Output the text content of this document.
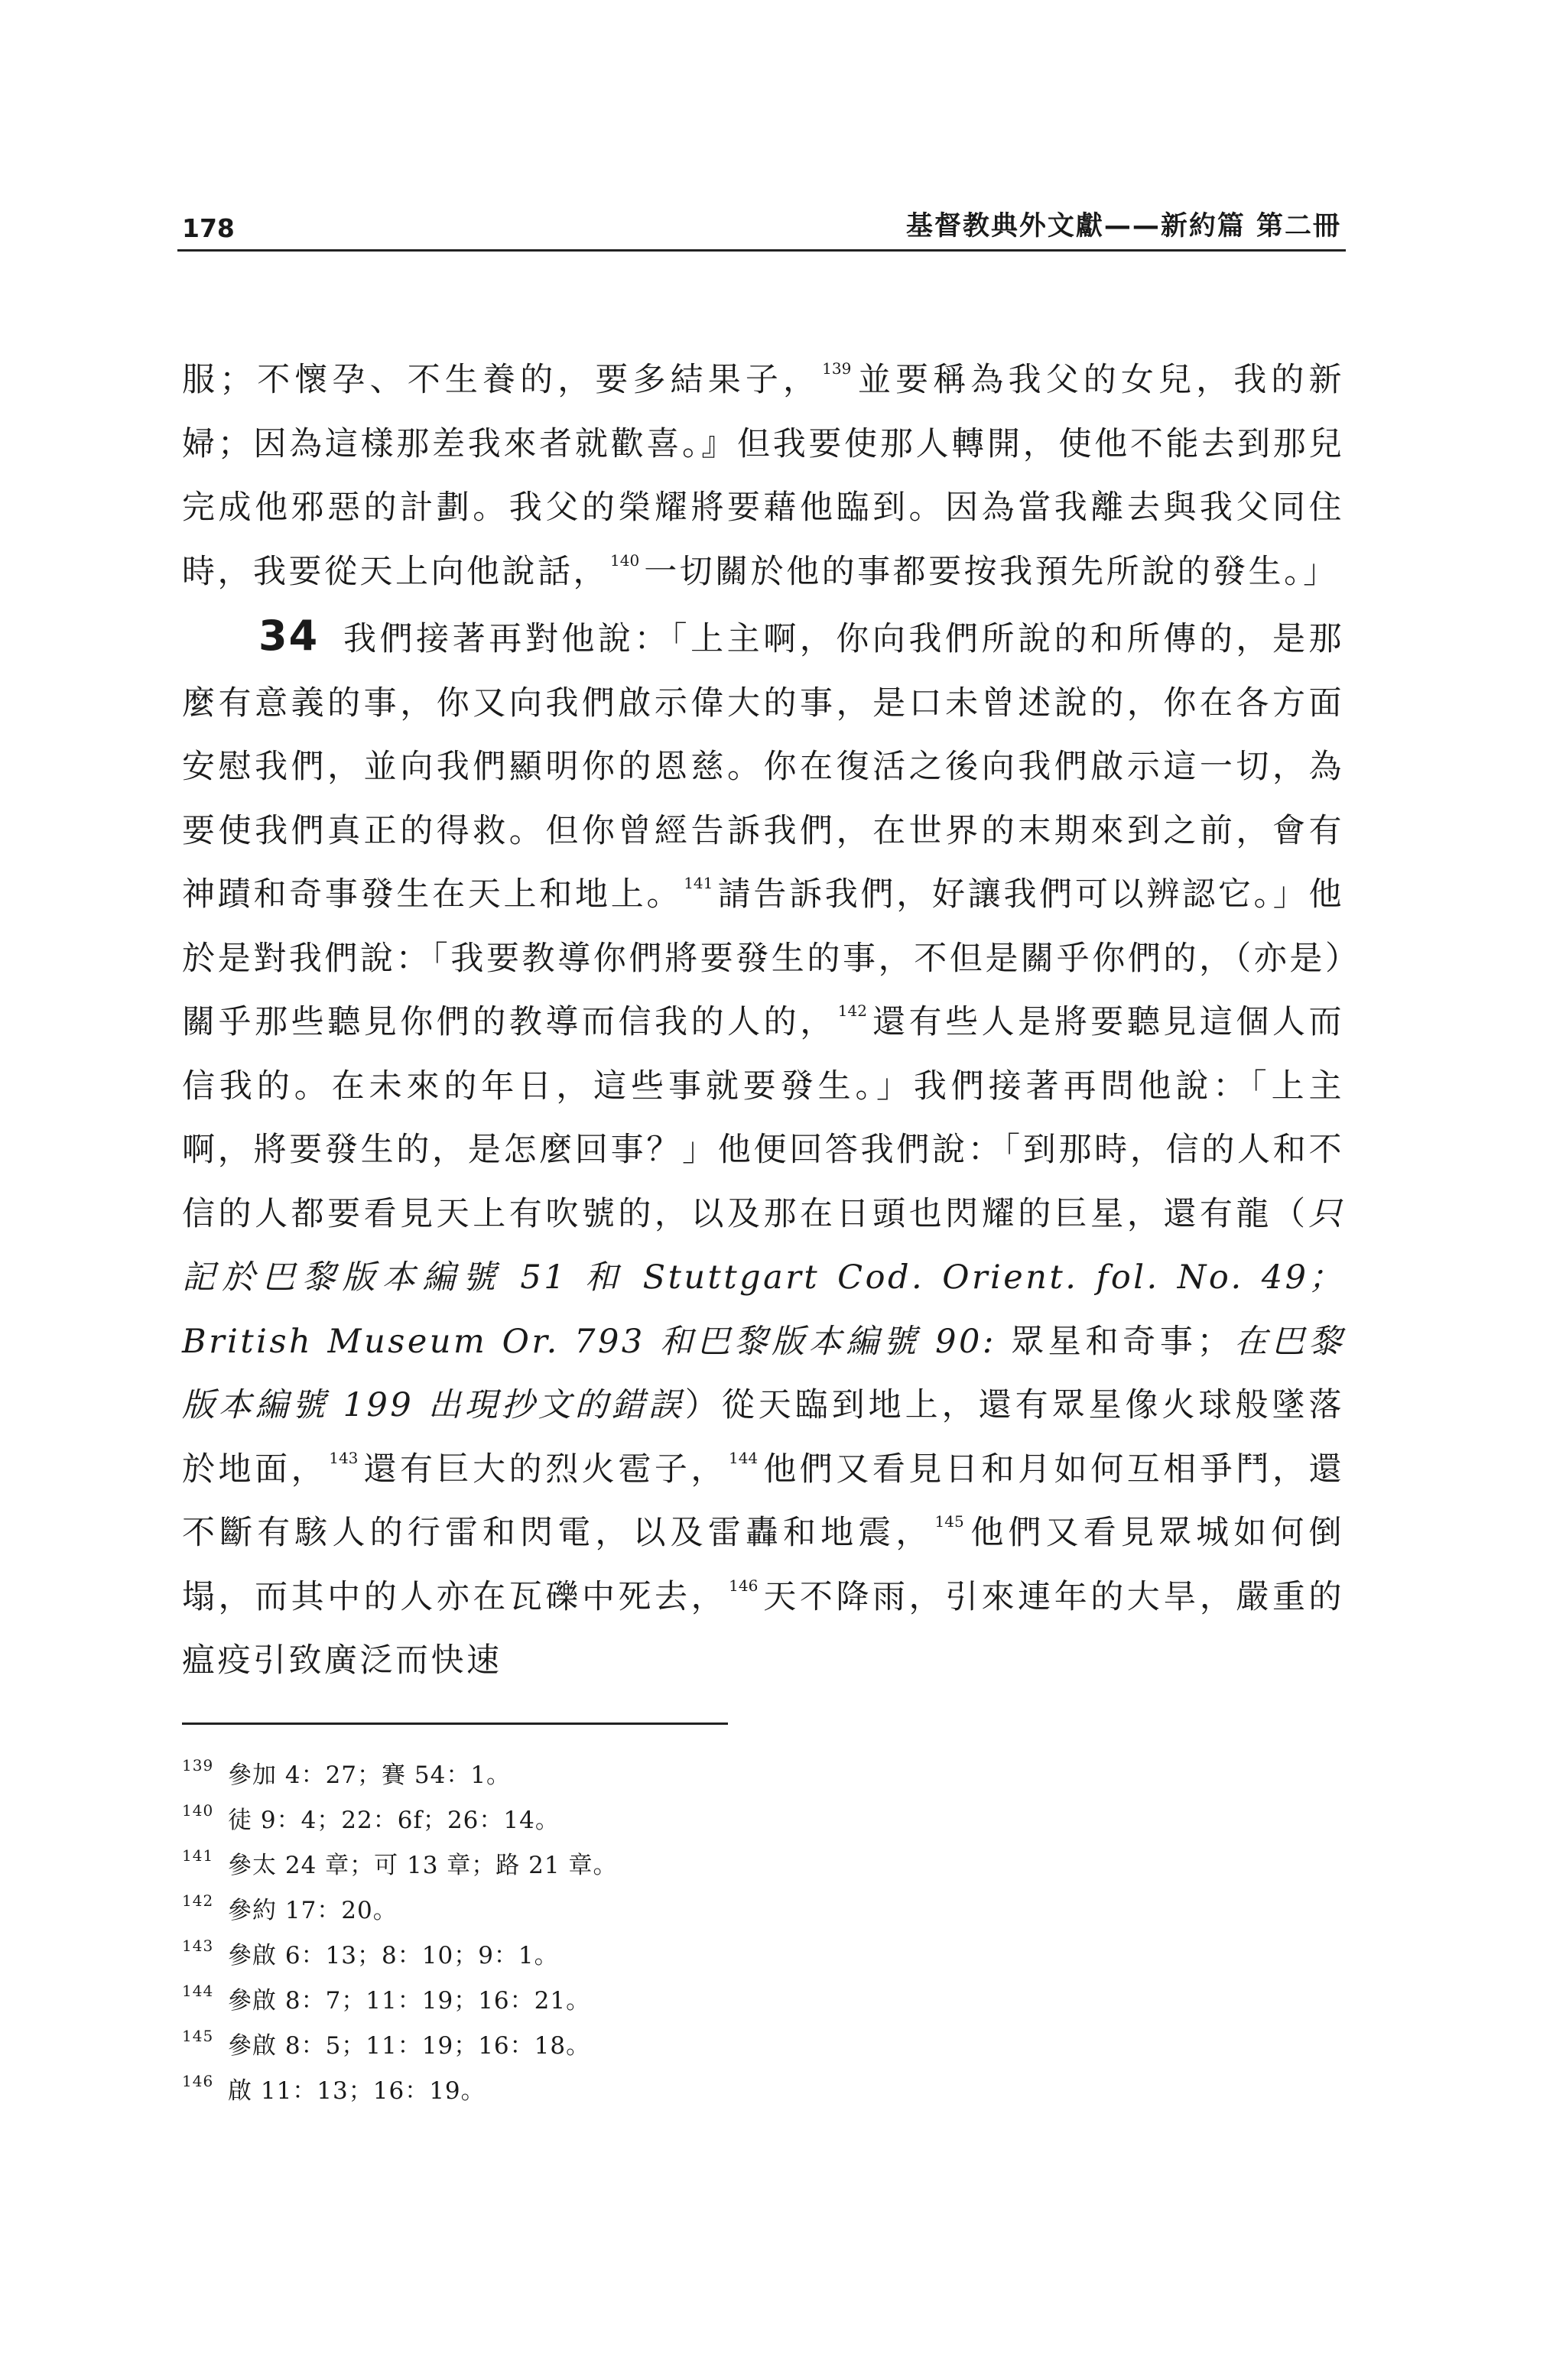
178	基督教典外文獻——新約篇 第二冊

服；不懷孕、不生養的，要多結果子， $^{139}$ 並要稱為我父的女兒，我的新婦；因為這樣那差我來者就歡喜。』但我要使那人轉開，使他不能去到那兒完成他邪惡的計劃。我父的榮耀將要藉他臨到。因為當我離去與我父同住時，我要從天上向他說話， $^{140}$ 一切關於他的事都要按我預先所說的發生。」

34 我們接著再對他說：「上主啊，你向我們所說的和所傳的，是那麼有意義的事，你又向我們啟示偉大的事，是口未曾述說的，你在各方面安慰我們，並向我們顯明你的恩慈。你在復活之後向我們啟示這一切，為要使我們真正的得救。但你曾經告訴我們，在世界的末期來到之前，會有神蹟和奇事發生在天上和地上。 $^{141}$ 請告訴我們，好讓我們可以辨認它。」他於是對我們說：「我要教導你們將要發生的事，不但是關乎你們的，（亦是）關乎那些聽見你們的教導而信我的人的， $^{142}$ 還有些人是將要聽見這個人而信我的。在未來的年日，這些事就要發生。」我們接著再問他說：「上主啊，將要發生的，是怎麼回事？」他便回答我們說：「到那時，信的人和不信的人都要看見天上有吹號的，以及那在日頭也閃耀的巨星，還有龍（只記於巴黎版本編號 51 和 Stuttgart Cod. Orient. fol. No. 49；British Museum Or. 793 和巴黎版本編號 90: 眾星和奇事；在巴黎版本編號 199 出現抄文的錯誤）從天臨到地上，還有眾星像火球般墜落於地面， $^{143}$ 還有巨大的烈火雹子， $^{144}$ 他們又看見日和月如何互相爭鬥，還不斷有駭人的行雷和閃電，以及雷轟和地震， $^{145}$ 他們又看見眾城如何倒塌，而其中的人亦在瓦礫中死去， $^{146}$ 天不降雨，引來連年的大旱，嚴重的瘟疫引致廣泛而快速

139 參加 4：27；賽 54：1。
140 徒 9：4；22：6f；26：14。
141 參太 24 章；可 13 章；路 21 章。
142 參約 17：20。
143 參啟 6：13；8：10；9：1。
144 參啟 8：7；11：19；16：21。
145 參啟 8：5；11：19；16：18。
146 啟 11：13；16：19。
